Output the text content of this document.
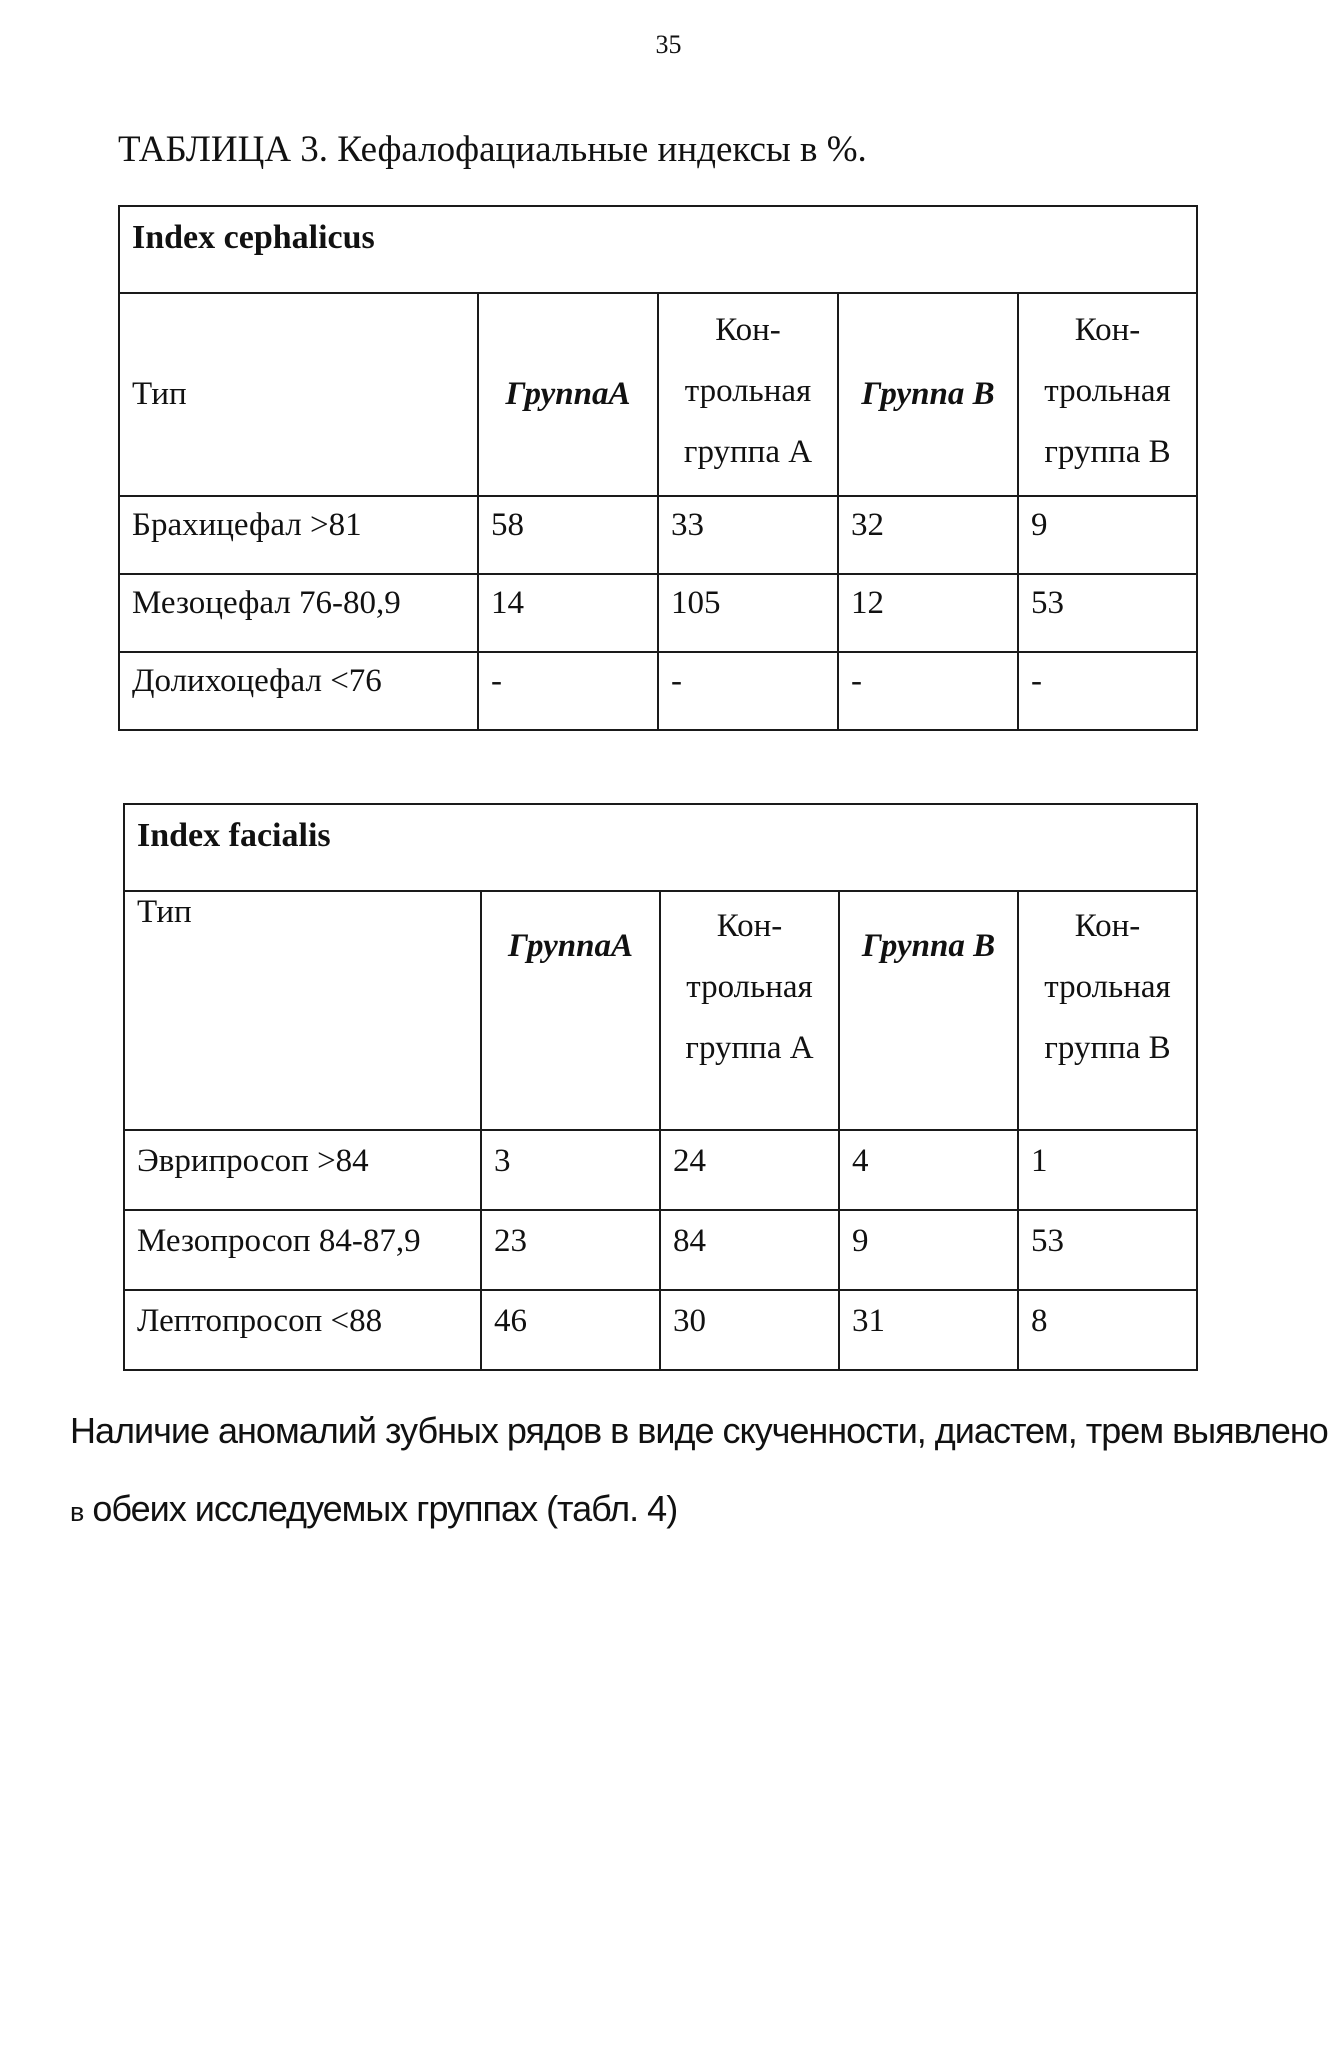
35
ТАБЛИЦА 3. Кефалофациальные индексы в %.
Index cephalicus				
Тип	ГруппаА	Кон-
трольная
группа А	Группа В	Кон-
трольная
группа В

Брахицефал >81	58	33	32	9
Мезоцефал 76-80,9	14	105	12	53
Долихоцефал <76	-	-	-	-
Index facialis				
Тип	ГруппаА	Кон-
трольная
группа А	Группа В	Кон-
трольная
группа В

Эврипросоп >84	3	24	4	1
Мезопросоп 84-87,9	23	84	9	53
Лептопросоп <88	46	30	31	8
Наличие аномалий зубных рядов в виде скученности, диастем, трем выявлено
в обеих исследуемых группах (табл. 4)
